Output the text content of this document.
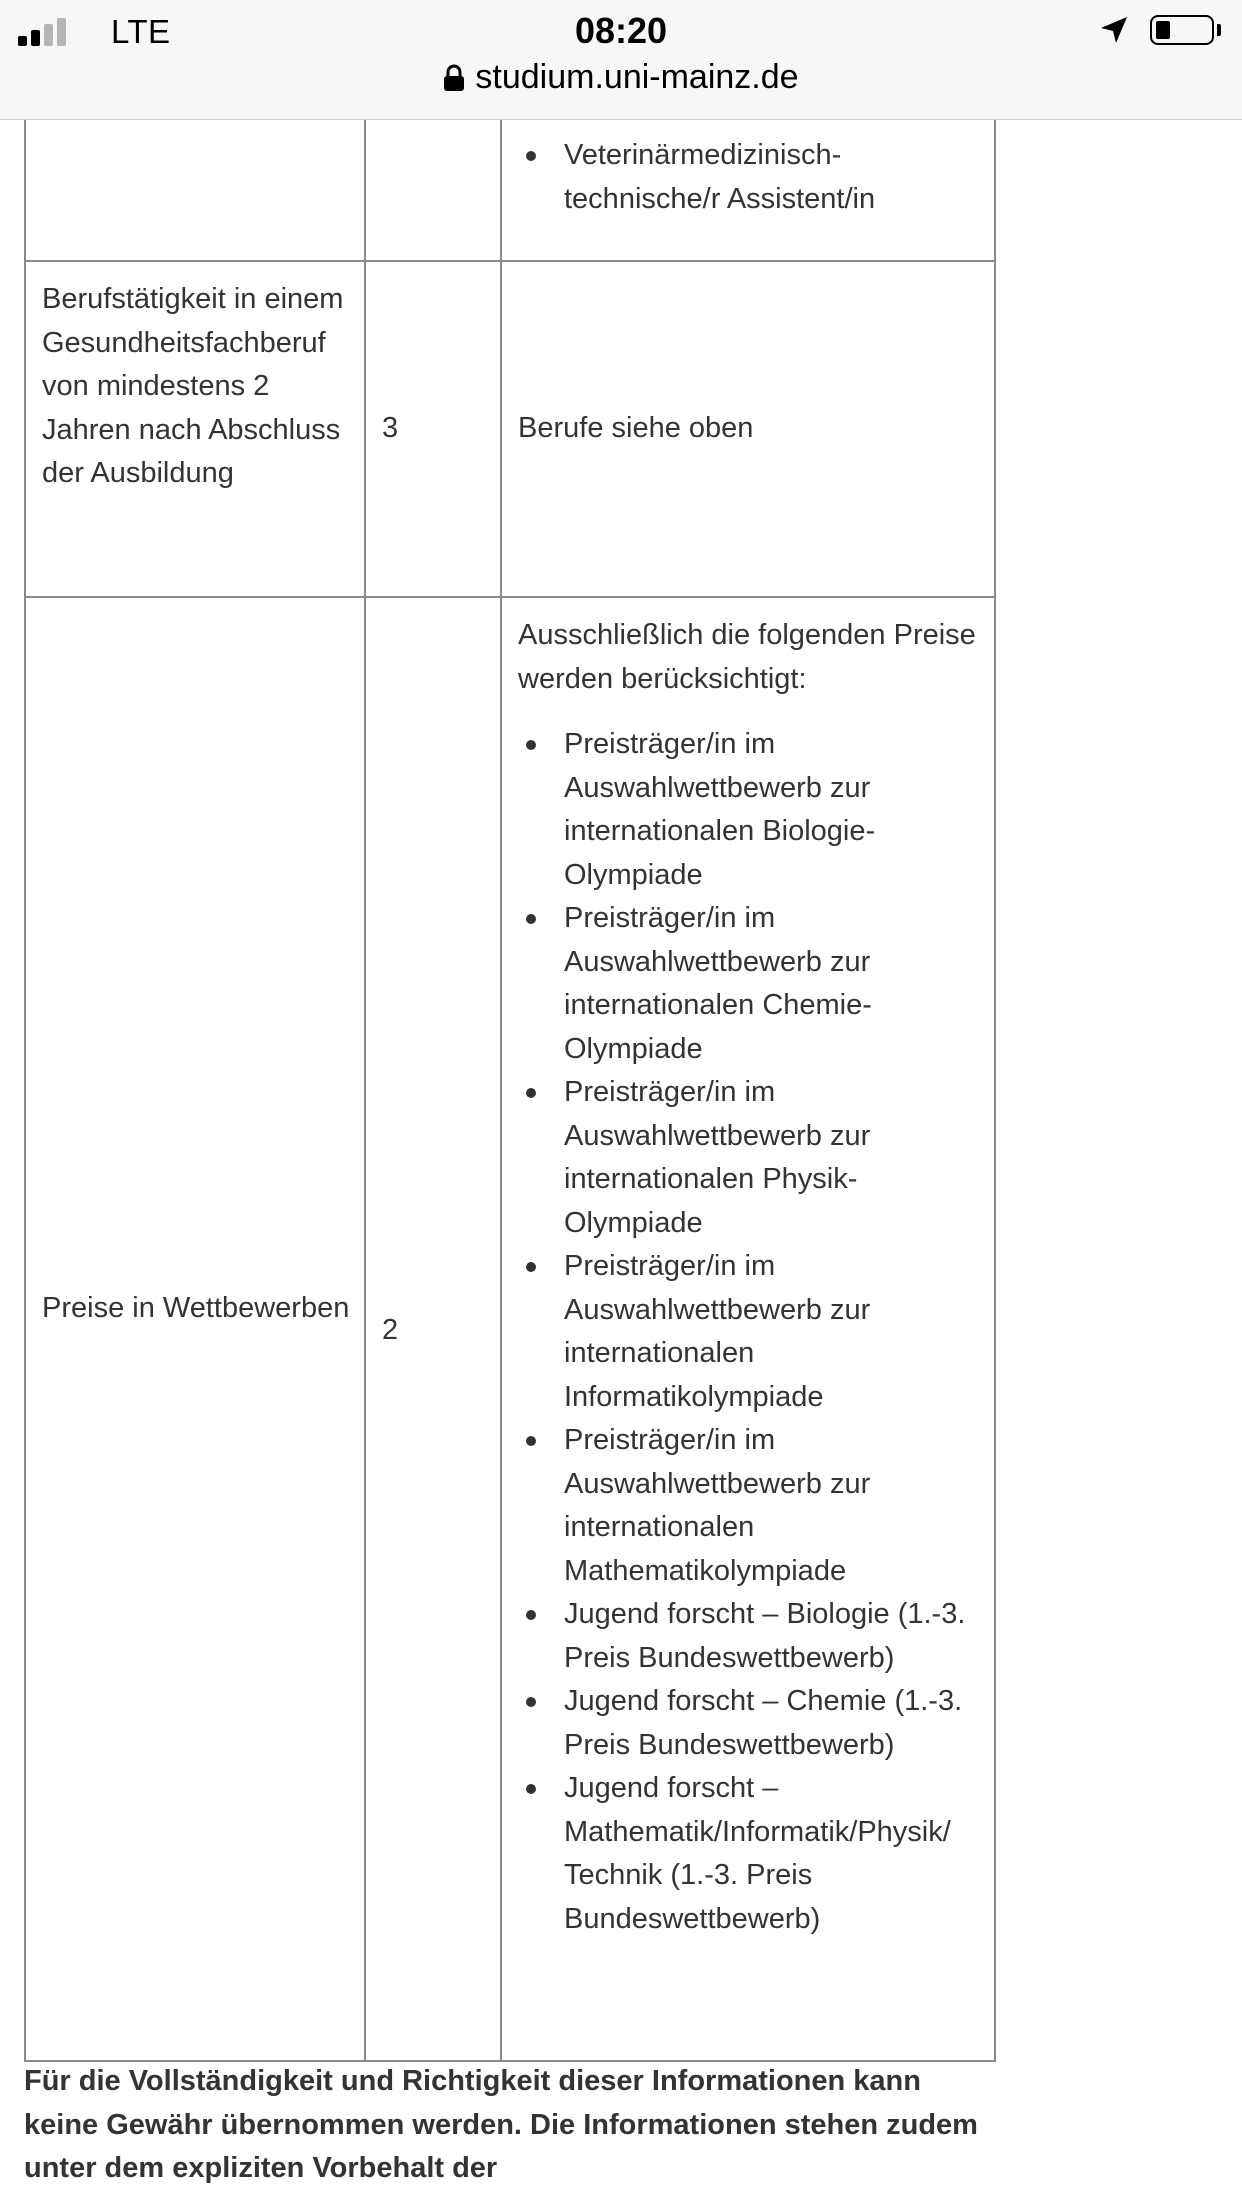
LTE	08:20
studium.uni-mainz.de
Veterinärmedizinisch-technische/r Assistent/in
Berufstätigkeit in einem Gesundheitsfachberuf von mindestens 2 Jahren nach Abschluss der Ausbildung
3	Berufe siehe oben
Preise in Wettbewerben
2
Ausschließlich die folgenden Preise werden berücksichtigt:
Preisträger/in im Auswahlwettbewerb zur internationalen Biologie-Olympiade
Preisträger/in im Auswahlwettbewerb zur internationalen Chemie-Olympiade
Preisträger/in im Auswahlwettbewerb zur internationalen Physik-Olympiade
Preisträger/in im Auswahlwettbewerb zur internationalen Informatikolympiade
Preisträger/in im Auswahlwettbewerb zur internationalen Mathematikolympiade
Jugend forscht – Biologie (1.-3. Preis Bundeswettbewerb)
Jugend forscht – Chemie (1.-3. Preis Bundeswettbewerb)
Jugend forscht – Mathematik/Informatik/Physik/ Technik (1.-3. Preis Bundeswettbewerb)
Für die Vollständigkeit und Richtigkeit dieser Informationen kann keine Gewähr übernommen werden. Die Informationen stehen zudem unter dem expliziten Vorbehalt der
